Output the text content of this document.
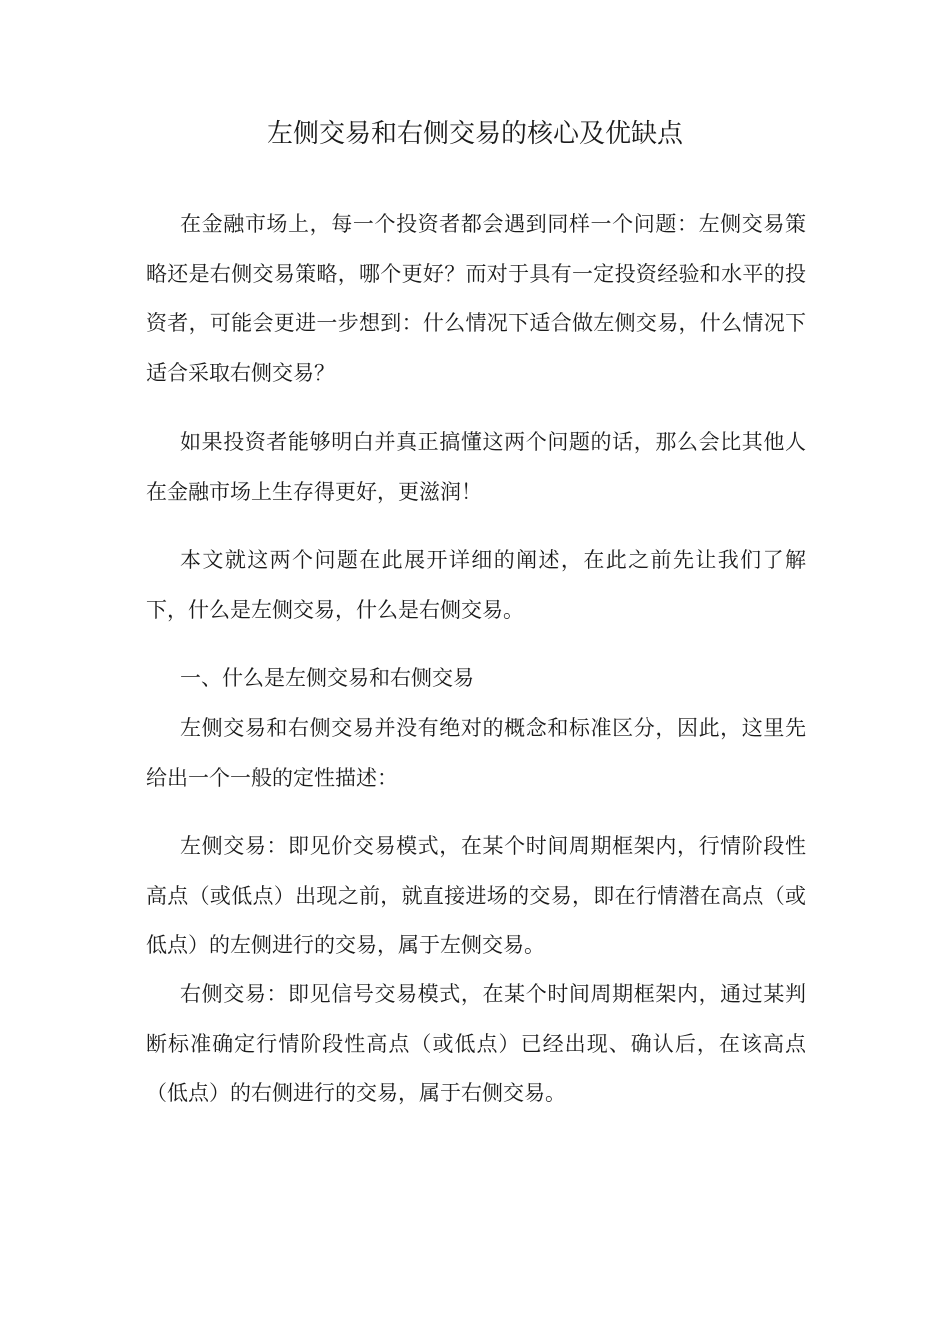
左侧交易和右侧交易的核心及优缺点

在金融市场上，每一个投资者都会遇到同样一个问题：左侧交易策略还是右侧交易策略，哪个更好？而对于具有一定投资经验和水平的投资者，可能会更进一步想到：什么情况下适合做左侧交易，什么情况下适合采取右侧交易？

如果投资者能够明白并真正搞懂这两个问题的话，那么会比其他人在金融市场上生存得更好，更滋润！

本文就这两个问题在此展开详细的阐述，在此之前先让我们了解下，什么是左侧交易，什么是右侧交易。

一、什么是左侧交易和右侧交易

左侧交易和右侧交易并没有绝对的概念和标准区分，因此，这里先给出一个一般的定性描述：

左侧交易：即见价交易模式，在某个时间周期框架内，行情阶段性高点（或低点）出现之前，就直接进场的交易，即在行情潜在高点（或低点）的左侧进行的交易，属于左侧交易。

右侧交易：即见信号交易模式，在某个时间周期框架内，通过某判断标准确定行情阶段性高点（或低点）已经出现、确认后，在该高点（低点）的右侧进行的交易，属于右侧交易。
